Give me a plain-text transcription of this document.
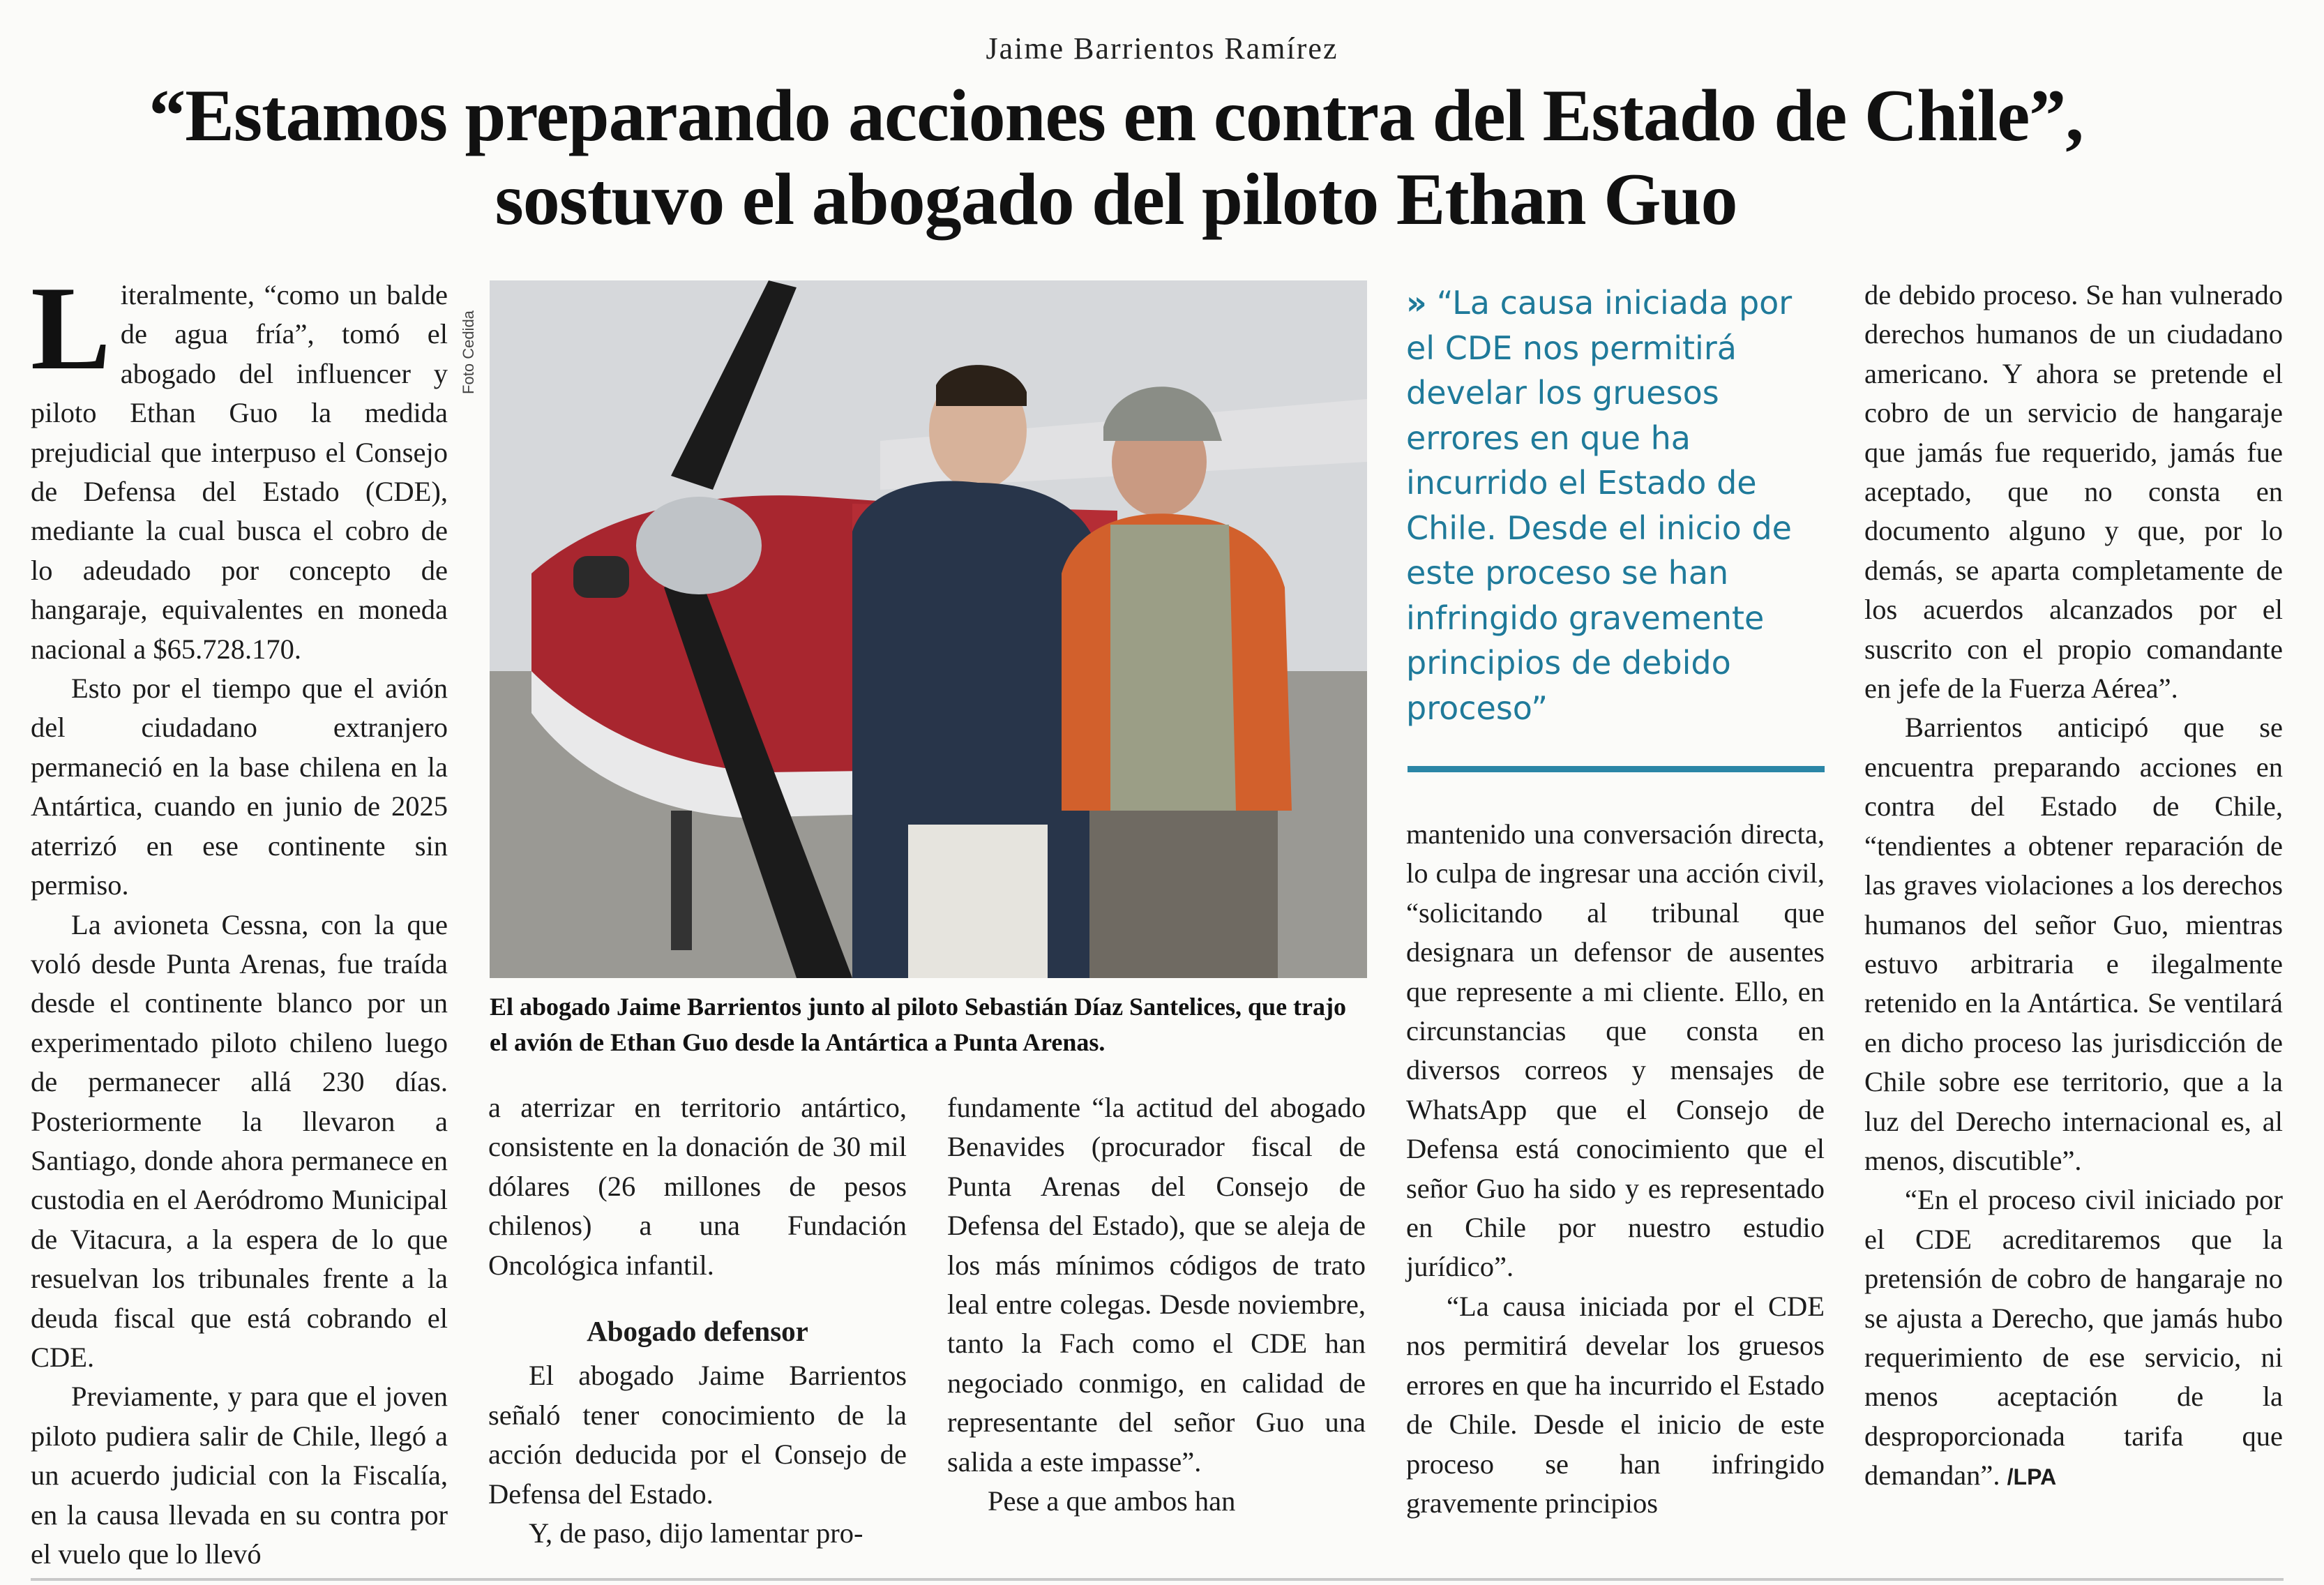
Jaime Barrientos Ramírez
“Estamos preparando acciones en contra del Estado de Chile”, sostuvo el abogado del piloto Ethan Guo

Literalmente, “como un balde de agua fría”, tomó el abogado del influencer y piloto Ethan Guo la medida prejudicial que interpuso el Consejo de Defensa del Estado (CDE), mediante la cual busca el cobro de lo adeudado por concepto de hangaraje, equivalentes en moneda nacional a $65.728.170.

Esto por el tiempo que el avión del ciudadano extranjero permaneció en la base chilena en la Antártica, cuando en junio de 2025 aterrizó en ese continente sin permiso.

La avioneta Cessna, con la que voló desde Punta Arenas, fue traída desde el continente blanco por un experimentado piloto chileno luego de permanecer allá 230 días. Posteriormente la llevaron a Santiago, donde ahora permanece en custodia en el Aeródromo Municipal de Vitacura, a la espera de lo que resuelvan los tribunales frente a la deuda fiscal que está cobrando el CDE.

Previamente, y para que el joven piloto pudiera salir de Chile, llegó a un acuerdo judicial con la Fiscalía, en la causa llevada en su contra por el vuelo que lo llevó

Foto Cedida
El abogado Jaime Barrientos junto al piloto Sebastián Díaz Santelices, que trajo el avión de Ethan Guo desde la Antártica a Punta Arenas.

a aterrizar en territorio antártico, consistente en la donación de 30 mil dólares (26 millones de pesos chilenos) a una Fundación Oncológica infantil.

Abogado defensor

El abogado Jaime Barrientos señaló tener conocimiento de la acción deducida por el Consejo de Defensa del Estado.

Y, de paso, dijo lamentar pro-

fundamente “la actitud del abogado Benavides (procurador fiscal de Punta Arenas del Consejo de Defensa del Estado), que se aleja de los más mínimos códigos de trato leal entre colegas. Desde noviembre, tanto la Fach como el CDE han negociado conmigo, en calidad de representante del señor Guo una salida a este impasse”.

Pese a que ambos han

» “La causa iniciada por el CDE nos permitirá develar los gruesos errores en que ha incurrido el Estado de Chile. Desde el inicio de este proceso se han infringido gravemente principios de debido proceso”

mantenido una conversación directa, lo culpa de ingresar una acción civil, “solicitando al tribunal que designara un defensor de ausentes que represente a mi cliente. Ello, en circunstancias que consta en diversos correos y mensajes de WhatsApp que el Consejo de Defensa está conocimiento que el señor Guo ha sido y es representado en Chile por nuestro estudio jurídico”.

“La causa iniciada por el CDE nos permitirá develar los gruesos errores en que ha incurrido el Estado de Chile. Desde el inicio de este proceso se han infringido gravemente principios

de debido proceso. Se han vulnerado derechos humanos de un ciudadano americano. Y ahora se pretende el cobro de un servicio de hangaraje que jamás fue requerido, jamás fue aceptado, que no consta en documento alguno y que, por lo demás, se aparta completamente de los acuerdos alcanzados por el suscrito con el propio comandante en jefe de la Fuerza Aérea”.

Barrientos anticipó que se encuentra preparando acciones en contra del Estado de Chile, “tendientes a obtener reparación de las graves violaciones a los derechos humanos del señor Guo, mientras estuvo arbitraria e ilegalmente retenido en la Antártica. Se ventilará en dicho proceso las jurisdicción de Chile sobre ese territorio, que a la luz del Derecho internacional es, al menos, discutible”.

“En el proceso civil iniciado por el CDE acreditaremos que la pretensión de cobro de hangaraje no se ajusta a Derecho, que jamás hubo requerimiento de ese servicio, ni menos aceptación de la desproporcionada tarifa que demandan”. /LPA
